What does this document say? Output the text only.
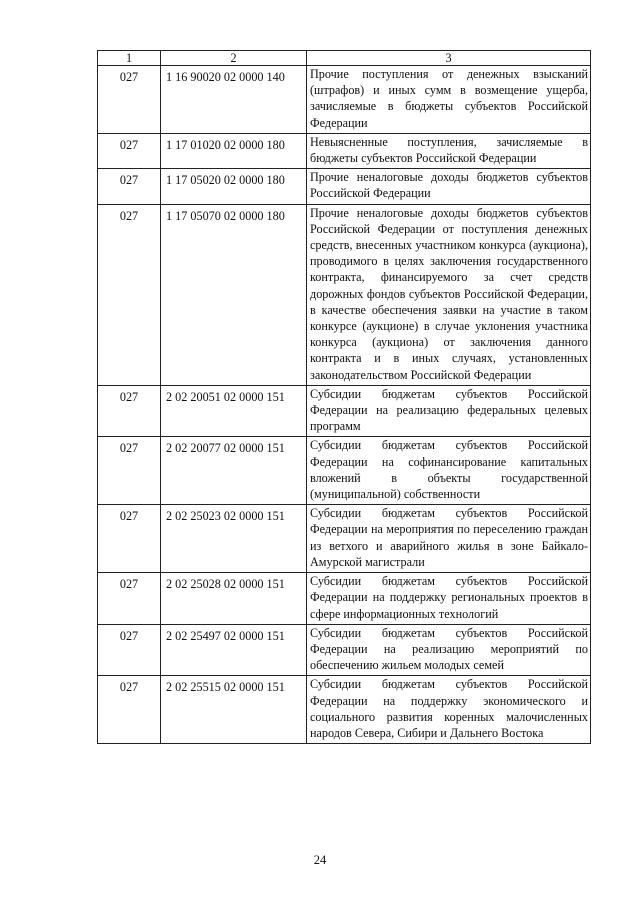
1	2	3
027	1 16 90020 02 0000 140	Прочие поступления от денежных взысканий (штрафов) и иных сумм в возмещение ущерба, зачисляемые в бюджеты субъектов Российской Федерации
027	1 17 01020 02 0000 180	Невыясненные поступления, зачисляемые в бюджеты субъектов Российской Федерации
027	1 17 05020 02 0000 180	Прочие неналоговые доходы бюджетов субъектов Российской Федерации
027	1 17 05070 02 0000 180	Прочие неналоговые доходы бюджетов субъектов Российской Федерации от поступления денежных средств, внесенных участником конкурса (аукциона), проводимого в целях заключения государственного контракта, финансируемого за счет средств дорожных фондов субъектов Российской Федерации, в качестве обеспечения заявки на участие в таком конкурсе (аукционе) в случае уклонения участника конкурса (аукциона) от заключения данного контракта и в иных случаях, установленных законодательством Российской Федерации
027	2 02 20051 02 0000 151	Субсидии бюджетам субъектов Российской Федерации на реализацию федеральных целевых программ
027	2 02 20077 02 0000 151	Субсидии бюджетам субъектов Российской Федерации на софинансирование капитальных вложений в объекты государственной (муниципальной) собственности
027	2 02 25023 02 0000 151	Субсидии бюджетам субъектов Российской Федерации на мероприятия по переселению граждан из ветхого и аварийного жилья в зоне Байкало-Амурской магистрали
027	2 02 25028 02 0000 151	Субсидии бюджетам субъектов Российской Федерации на поддержку региональных проектов в сфере информационных технологий
027	2 02 25497 02 0000 151	Субсидии бюджетам субъектов Российской Федерации на реализацию мероприятий по обеспечению жильем молодых семей
027	2 02 25515 02 0000 151	Субсидии бюджетам субъектов Российской Федерации на поддержку экономического и социального развития коренных малочисленных народов Севера, Сибири и Дальнего Востока
24
